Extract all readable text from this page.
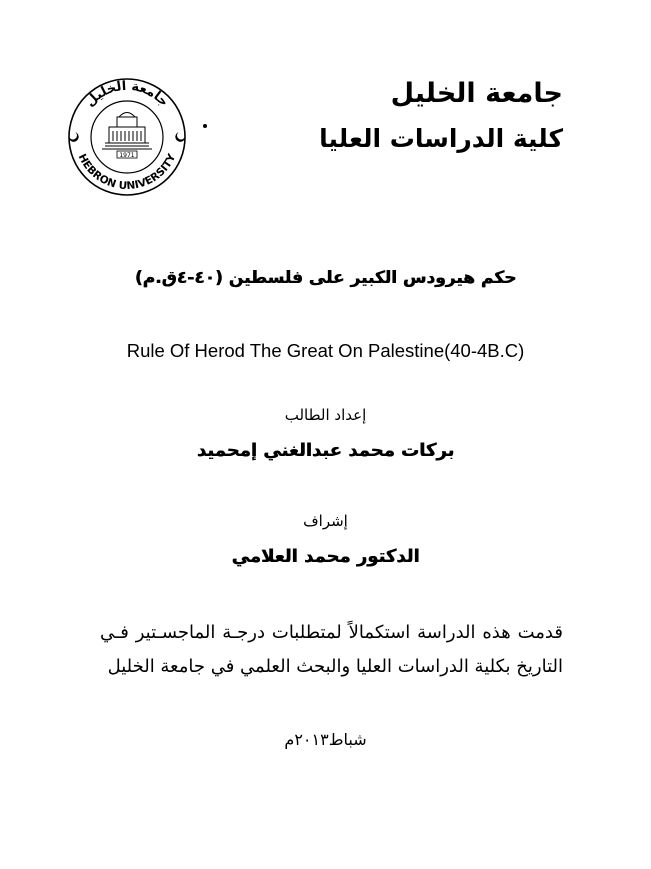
جامعة الخليل
HEBRON UNIVERSITY
1971
جامعة الخليل
كلية الدراسات العليا
حكم هيرودس الكبير على فلسطين (٤٠-٤ق.م)
Rule Of Herod The Great On Palestine(40-4B.C)
إعداد الطالب
بركات محمد عبدالغني إمحميد
إشراف
الدكتور محمد العلامي
قدمت هذه الدراسة استكمالاً لمتطلبات درجـة الماجسـتير فـي
التاريخ بكلية الدراسات العليا والبحث العلمي في جامعة الخليل
شباط٢٠١٣م
